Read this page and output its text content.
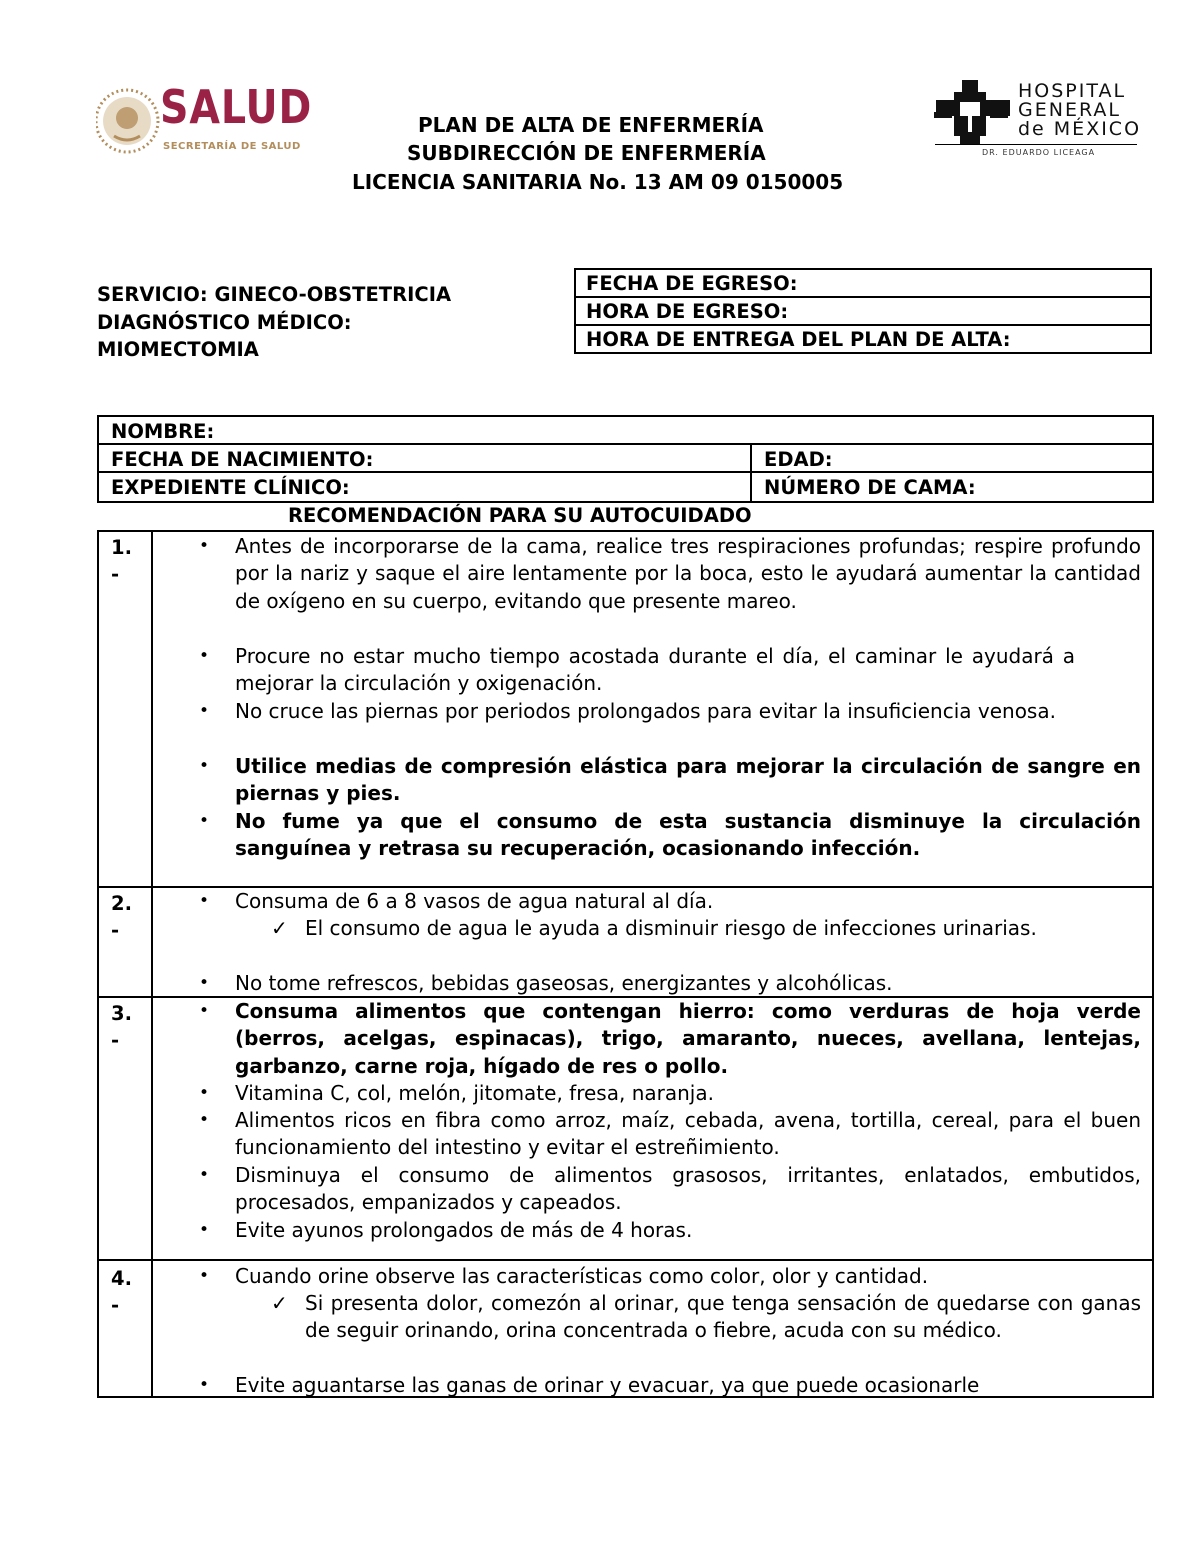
SALUD
SECRETARÍA DE SALUD
HOSPITAL
GENERAL
de MÉXICO
DR. EDUARDO LICEAGA
PLAN DE ALTA DE ENFERMERÍA
SUBDIRECCIÓN DE ENFERMERÍA
LICENCIA SANITARIA No. 13 AM 09 0150005
SERVICIO: GINECO-OBSTETRICIA
DIAGNÓSTICO MÉDICO:
MIOMECTOMIA
FECHA DE EGRESO:
HORA DE EGRESO:
HORA DE ENTREGA DEL PLAN DE ALTA:
NOMBRE:
FECHA DE NACIMIENTO:	EDAD:
EXPEDIENTE CLÍNICO:	NÚMERO DE CAMA:
RECOMENDACIÓN PARA SU AUTOCUIDADO
1.
-
• Antes de incorporarse de la cama, realice tres respiraciones profundas; respire profundo por la nariz y saque el aire lentamente por la boca, esto le ayudará aumentar la cantidad de oxígeno en su cuerpo, evitando que presente mareo.
• Procure no estar mucho tiempo acostada durante el día, el caminar le ayudará a mejorar la circulación y oxigenación.
• No cruce las piernas por periodos prolongados para evitar la insuficiencia venosa.
• Utilice medias de compresión elástica para mejorar la circulación de sangre en piernas y pies.
• No fume ya que el consumo de esta sustancia disminuye la circulación sanguínea y retrasa su recuperación, ocasionando infección.
2.
-
• Consuma de 6 a 8 vasos de agua natural al día.
✓ El consumo de agua le ayuda a disminuir riesgo de infecciones urinarias.
• No tome refrescos, bebidas gaseosas, energizantes y alcohólicas.
3.
-
• Consuma alimentos que contengan hierro: como verduras de hoja verde (berros, acelgas, espinacas), trigo, amaranto, nueces, avellana, lentejas, garbanzo, carne roja, hígado de res o pollo.
• Vitamina C, col, melón, jitomate, fresa, naranja.
• Alimentos ricos en fibra como arroz, maíz, cebada, avena, tortilla, cereal, para el buen funcionamiento del intestino y evitar el estreñimiento.
• Disminuya el consumo de alimentos grasosos, irritantes, enlatados, embutidos, procesados, empanizados y capeados.
• Evite ayunos prolongados de más de 4 horas.
4.
-
• Cuando orine observe las características como color, olor y cantidad.
✓ Si presenta dolor, comezón al orinar, que tenga sensación de quedarse con ganas de seguir orinando, orina concentrada o fiebre, acuda con su médico.
• Evite aguantarse las ganas de orinar y evacuar, ya que puede ocasionarle
